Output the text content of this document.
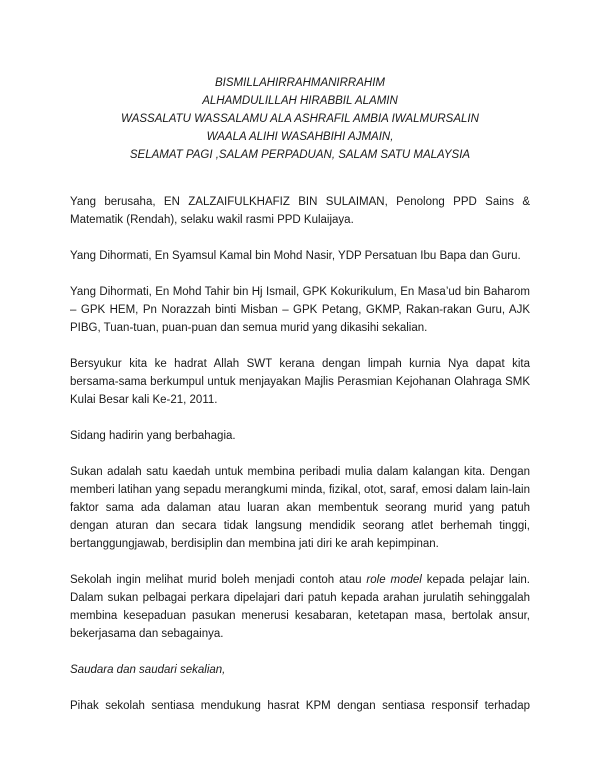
BISMILLAHIRRAHMANIRRAHIM
ALHAMDULILLAH HIRABBIL ALAMIN
WASSALATU WASSALAMU ALA ASHRAFIL AMBIA IWALMURSALIN
WAALA ALIHI WASAHBIHI AJMAIN,
SELAMAT PAGI ,SALAM PERPADUAN, SALAM SATU MALAYSIA

Yang berusaha, EN ZALZAIFULKHAFIZ BIN SULAIMAN, Penolong PPD Sains & Matematik (Rendah), selaku wakil rasmi PPD Kulaijaya.

Yang Dihormati, En Syamsul Kamal bin Mohd Nasir, YDP Persatuan Ibu Bapa dan Guru.

Yang Dihormati, En Mohd Tahir bin Hj Ismail, GPK Kokurikulum, En Masa’ud bin Baharom – GPK HEM, Pn Norazzah binti Misban – GPK Petang, GKMP, Rakan-rakan Guru, AJK PIBG, Tuan-tuan, puan-puan dan semua murid yang dikasihi sekalian.

Bersyukur kita ke hadrat Allah SWT kerana dengan limpah kurnia Nya dapat kita bersama-sama berkumpul untuk menjayakan Majlis Perasmian Kejohanan Olahraga SMK Kulai Besar kali Ke-21, 2011.

Sidang hadirin yang berbahagia.

Sukan adalah satu kaedah untuk membina peribadi mulia dalam kalangan kita. Dengan memberi latihan yang sepadu merangkumi minda, fizikal, otot, saraf, emosi dalam lain-lain faktor sama ada dalaman atau luaran akan membentuk seorang murid yang patuh dengan aturan dan secara tidak langsung mendidik seorang atlet berhemah tinggi, bertanggungjawab, berdisiplin dan membina jati diri ke arah kepimpinan.

Sekolah ingin melihat murid boleh menjadi contoh atau role model kepada pelajar lain. Dalam sukan pelbagai perkara dipelajari dari patuh kepada arahan jurulatih sehinggalah membina kesepaduan pasukan menerusi kesabaran, ketetapan masa, bertolak ansur, bekerjasama dan sebagainya.

Saudara dan saudari sekalian,

Pihak sekolah sentiasa mendukung hasrat KPM dengan sentiasa responsif terhadap
